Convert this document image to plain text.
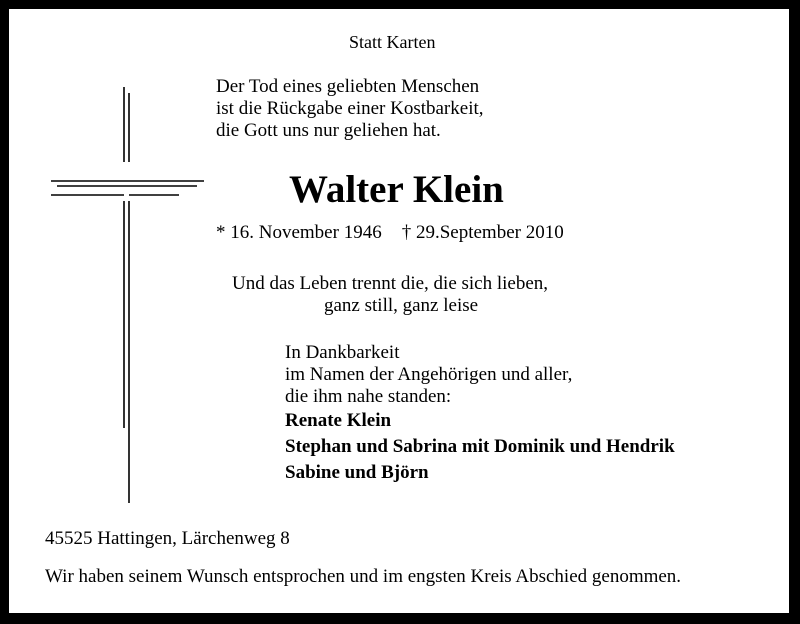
Statt Karten
Der Tod eines geliebten Menschen
ist die Rückgabe einer Kostbarkeit,
die Gott uns nur geliehen hat.
Walter Klein
* 16. November 1946 † 29.September 2010
Und das Leben trennt die, die sich lieben,
ganz still, ganz leise
In Dankbarkeit
im Namen der Angehörigen und aller,
die ihm nahe standen:
Renate Klein
Stephan und Sabrina mit Dominik und Hendrik
Sabine und Björn
45525 Hattingen, Lärchenweg 8
Wir haben seinem Wunsch entsprochen und im engsten Kreis Abschied genommen.
